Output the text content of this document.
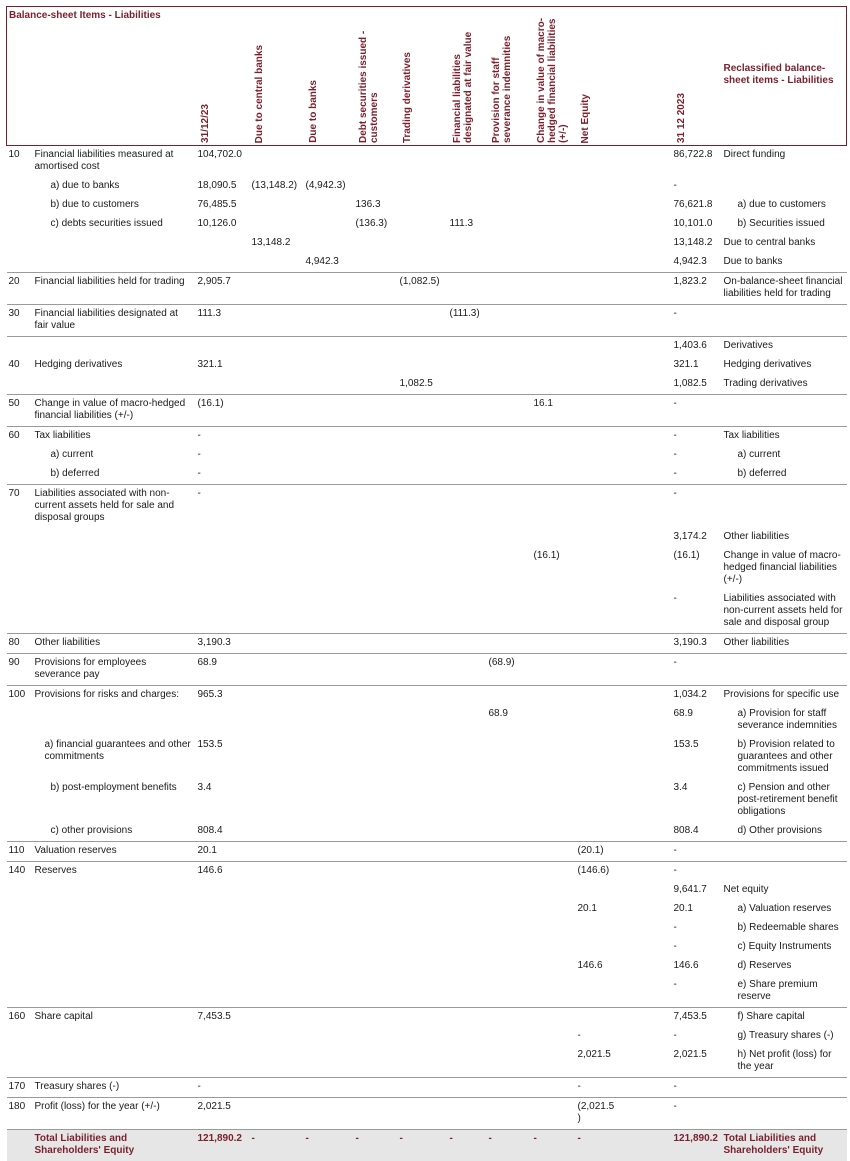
Balance-sheet Items - Liabilities		31/12/23	Due to central banks	Due to banks	Debt securities issued - customers	Trading derivatives	Financial liabilities designated at fair value	Provision for staff severance indemnities	Change in value of macro-hedged financial liabilities (+/-)	Net Equity		31 12 2023	Reclassified balance-sheet items - Liabilities
10	Financial liabilities measured at amortised cost	104,702.0										86,722.8	Direct funding
	a) due to banks	18,090.5	(13,148.2)	(4,942.3)								-	
	b) due to customers	76,485.5			136.3							76,621.8	a) due to customers
	c) debts securities issued	10,126.0			(136.3)		111.3					10,101.0	b) Securities issued
			13,148.2									13,148.2	Due to central banks
				4,942.3								4,942.3	Due to banks
20	Financial liabilities held for trading	2,905.7				(1,082.5)						1,823.2	On-balance-sheet financial liabilities held for trading
30	Financial liabilities designated at fair value	111.3					(111.3)					-	
												1,403.6	Derivatives
40	Hedging derivatives	321.1										321.1	Hedging derivatives
						1,082.5						1,082.5	Trading derivatives
50	Change in value of macro-hedged financial liabilities (+/-)	(16.1)							16.1			-	
60	Tax liabilities	-										-	Tax liabilities
	a) current	-										-	a) current
	b) deferred	-										-	b) deferred
70	Liabilities associated with non-current assets held for sale and disposal groups	-										-	
												3,174.2	Other liabilities
									(16.1)			(16.1)	Change in value of macro-hedged financial liabilities (+/-)
												-	Liabilities associated with non-current assets held for sale and disposal group
80	Other liabilities	3,190.3										3,190.3	Other liabilities
90	Provisions for employees severance pay	68.9						(68.9)				-	
100	Provisions for risks and charges:	965.3										1,034.2	Provisions for specific use
								68.9				68.9	a) Provision for staff severance indemnities
	a) financial guarantees and other commitments	153.5										153.5	b) Provision related to guarantees and other commitments issued
	b) post-employment benefits	3.4										3.4	c) Pension and other post-retirement benefit obligations
	c) other provisions	808.4										808.4	d) Other provisions
110	Valuation reserves	20.1								(20.1)		-	
140	Reserves	146.6								(146.6)		-	
												9,641.7	Net equity
										20.1		20.1	a) Valuation reserves
												-	b) Redeemable shares
												-	c) Equity Instruments
										146.6		146.6	d) Reserves
												-	e) Share premium reserve
160	Share capital	7,453.5										7,453.5	f) Share capital
										-		-	g) Treasury shares (-)
										2,021.5		2,021.5	h) Net profit (loss) for the year
170	Treasury shares (-)	-								-		-	
180	Profit (loss) for the year (+/-)	2,021.5								(2,021.5)		-	
	Total Liabilities and Shareholders' Equity	121,890.2	-	-	-	-	-	-	-	-		121,890.2	Total Liabilities and Shareholders' Equity
